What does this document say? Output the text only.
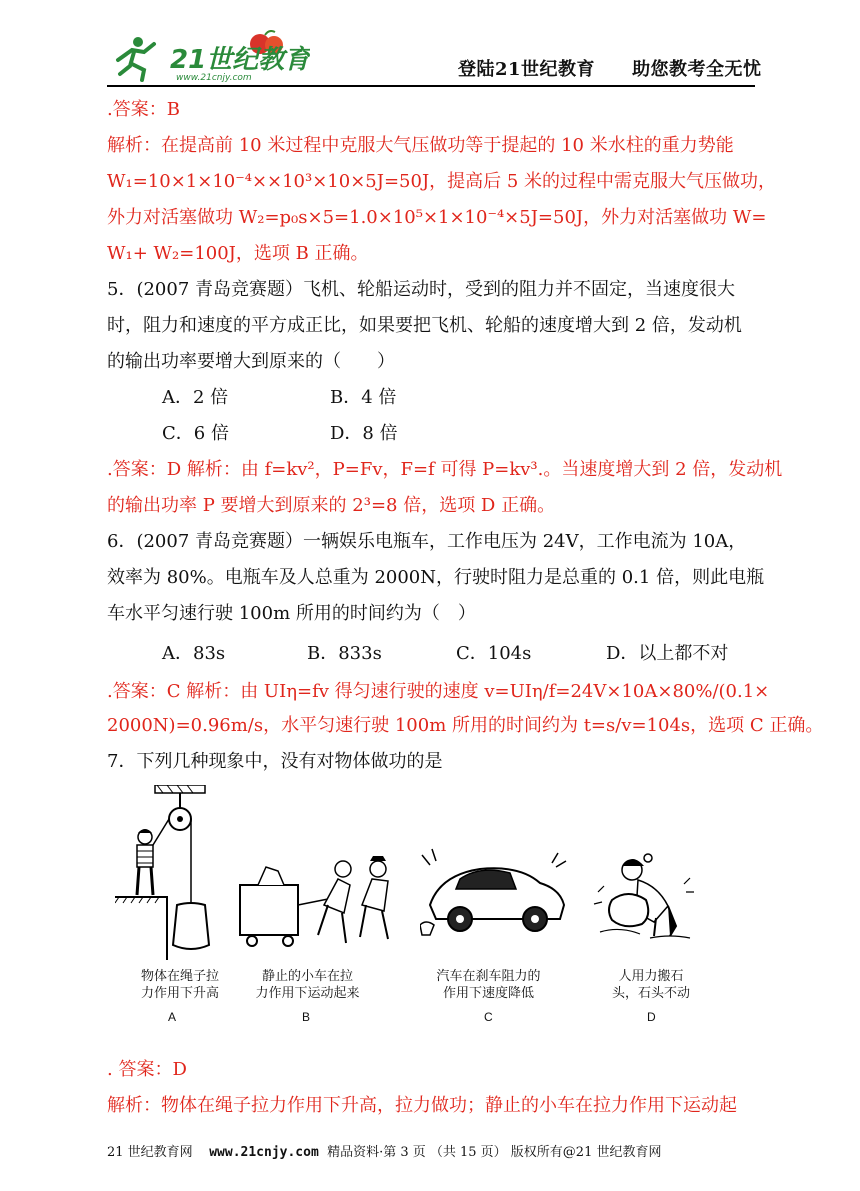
21世纪教育
www.21cnjy.com	登陆21世纪教育　　 助您教考全无忧
.答案：B
解析：在提高前 10 米过程中克服大气压做功等于提起的 10 米水柱的重力势能
W₁=10×1×10⁻⁴××10³×10×5J=50J，提高后 5 米的过程中需克服大气压做功，
外力对活塞做功 W₂=p₀s×5=1.0×10⁵×1×10⁻⁴×5J=50J，外力对活塞做功 W=
W₁+ W₂=100J，选项 B 正确。
5．(2007 青岛竞赛题）飞机、轮船运动时，受到的阻力并不固定，当速度很大
时，阻力和速度的平方成正比，如果要把飞机、轮船的速度增大到 2 倍，发动机
的输出功率要增大到原来的（　　）
A．2 倍	B．4 倍
C．6 倍	D．8 倍
.答案：D 解析：由 f=kv²，P=Fv，F=f 可得 P=kv³.。当速度增大到 2 倍，发动机
的输出功率 P 要增大到原来的 2³=8 倍，选项 D 正确。
6．(2007 青岛竞赛题）一辆娱乐电瓶车，工作电压为 24V，工作电流为 10A，
效率为 80%。电瓶车及人总重为 2000N，行驶时阻力是总重的 0.1 倍，则此电瓶
车水平匀速行驶 100m 所用的时间约为（　）
A．83s	B．833s	C．104s	D．以上都不对
.答案：C 解析：由 UIη=fv 得匀速行驶的速度 v=UIη/f=24V×10A×80%/(0.1×
2000N)=0.96m/s，水平匀速行驶 100m 所用的时间约为 t=s/v=104s，选项 C 正确。
7．下列几种现象中，没有对物体做功的是
物体在绳子拉
力作用下升高
A
静止的小车在拉
力作用下运动起来
B
汽车在刹车阻力的
作用下速度降低
C
人用力搬石
头，石头不动
D
. 答案：D
解析：物体在绳子拉力作用下升高，拉力做功；静止的小车在拉力作用下运动起
21 世纪教育网 www.21cnjy.com 精品资料·第 3 页 （共 15 页） 版权所有@21 世纪教育网
